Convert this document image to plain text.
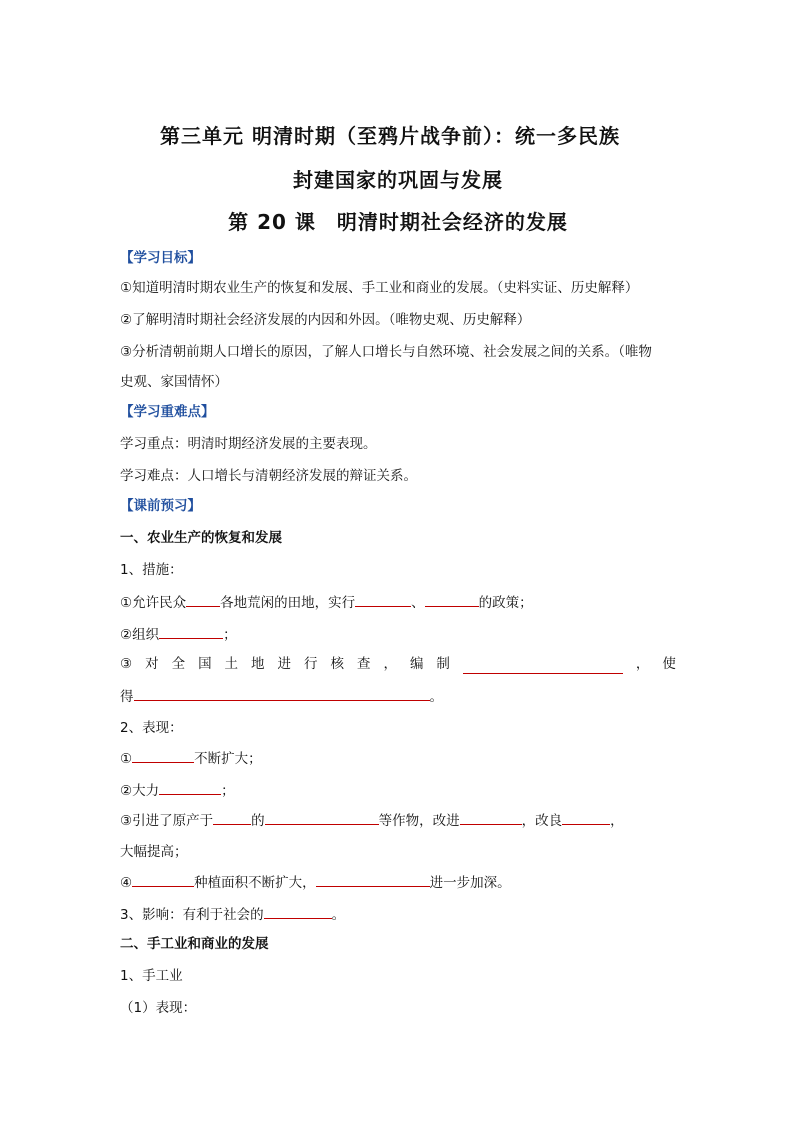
第三单元 明清时期（至鸦片战争前）：统一多民族
封建国家的巩固与发展
第 20 课　明清时期社会经济的发展
【学习目标】
①知道明清时期农业生产的恢复和发展、手工业和商业的发展。（史料实证、历史解释）
②了解明清时期社会经济发展的内因和外因。（唯物史观、历史解释）
③分析清朝前期人口增长的原因，了解人口增长与自然环境、社会发展之间的关系。（唯物
史观、家国情怀）
【学习重难点】
学习重点：明清时期经济发展的主要表现。
学习难点：人口增长与清朝经济发展的辩证关系。
【课前预习】
一、农业生产的恢复和发展
1、措施：
①允许民众	各地荒闲的田地，实行	、	的政策；
②组织	；
③ 对 全 国 土 地 进 行 核 查 ， 编 制	， 使
得	。
2、表现：
①	不断扩大；
②大力	；
③引进了原产于	的	等作物，改进	，改良	，
大幅提高；
④	种植面积不断扩大，	进一步加深。
3、影响：有利于社会的	。
二、手工业和商业的发展
1、手工业
（1）表现：
